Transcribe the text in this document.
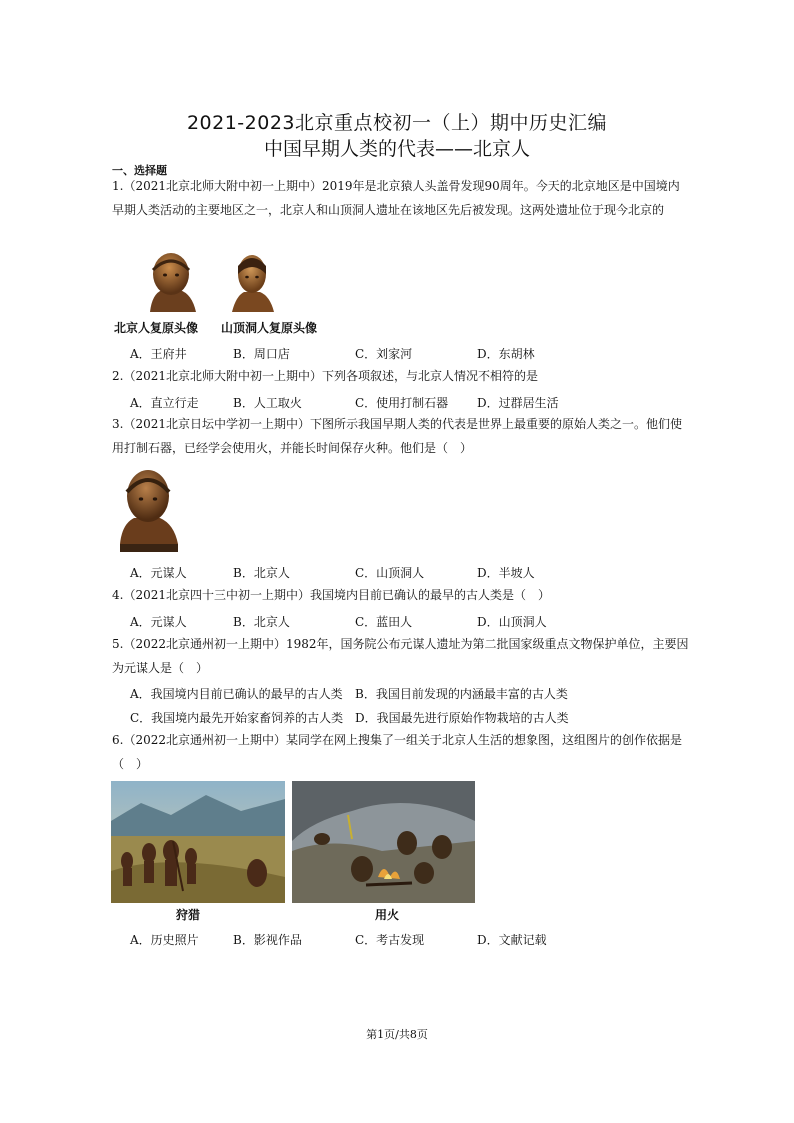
2021-2023北京重点校初一（上）期中历史汇编
中国早期人类的代表——北京人
一、选择题
1.（2021北京北师大附中初一上期中）2019年是北京猿人头盖骨发现90周年。今天的北京地区是中国境内早期人类活动的主要地区之一，北京人和山顶洞人遗址在该地区先后被发现。这两处遗址位于现今北京的
北京人复原头像 山顶洞人复原头像
A．王府井	B．周口店	C．刘家河	D．东胡林
2.（2021北京北师大附中初一上期中）下列各项叙述，与北京人情况不相符的是
A．直立行走	B．人工取火	C．使用打制石器 D．过群居生活
3.（2021北京日坛中学初一上期中）下图所示我国早期人类的代表是世界上最重要的原始人类之一。他们使用打制石器，已经学会使用火，并能长时间保存火种。他们是（　）
A．元谋人	B．北京人	C．山顶洞人	D．半坡人
4.（2021北京四十三中初一上期中）我国境内目前已确认的最早的古人类是（　）
A．元谋人	B．北京人	C．蓝田人	D．山顶洞人
5.（2022北京通州初一上期中）1982年，国务院公布元谋人遗址为第二批国家级重点文物保护单位，主要因为元谋人是（　）
A．我国境内目前已确认的最早的古人类 B．我国目前发现的内涵最丰富的古人类
C．我国境内最先开始家畜饲养的古人类 D．我国最先进行原始作物栽培的古人类
6.（2022北京通州初一上期中）某同学在网上搜集了一组关于北京人生活的想象图，这组图片的创作依据是（　）
狩猎	用火
A．历史照片	B．影视作品	C．考古发现	D．文献记载
第1页/共8页
